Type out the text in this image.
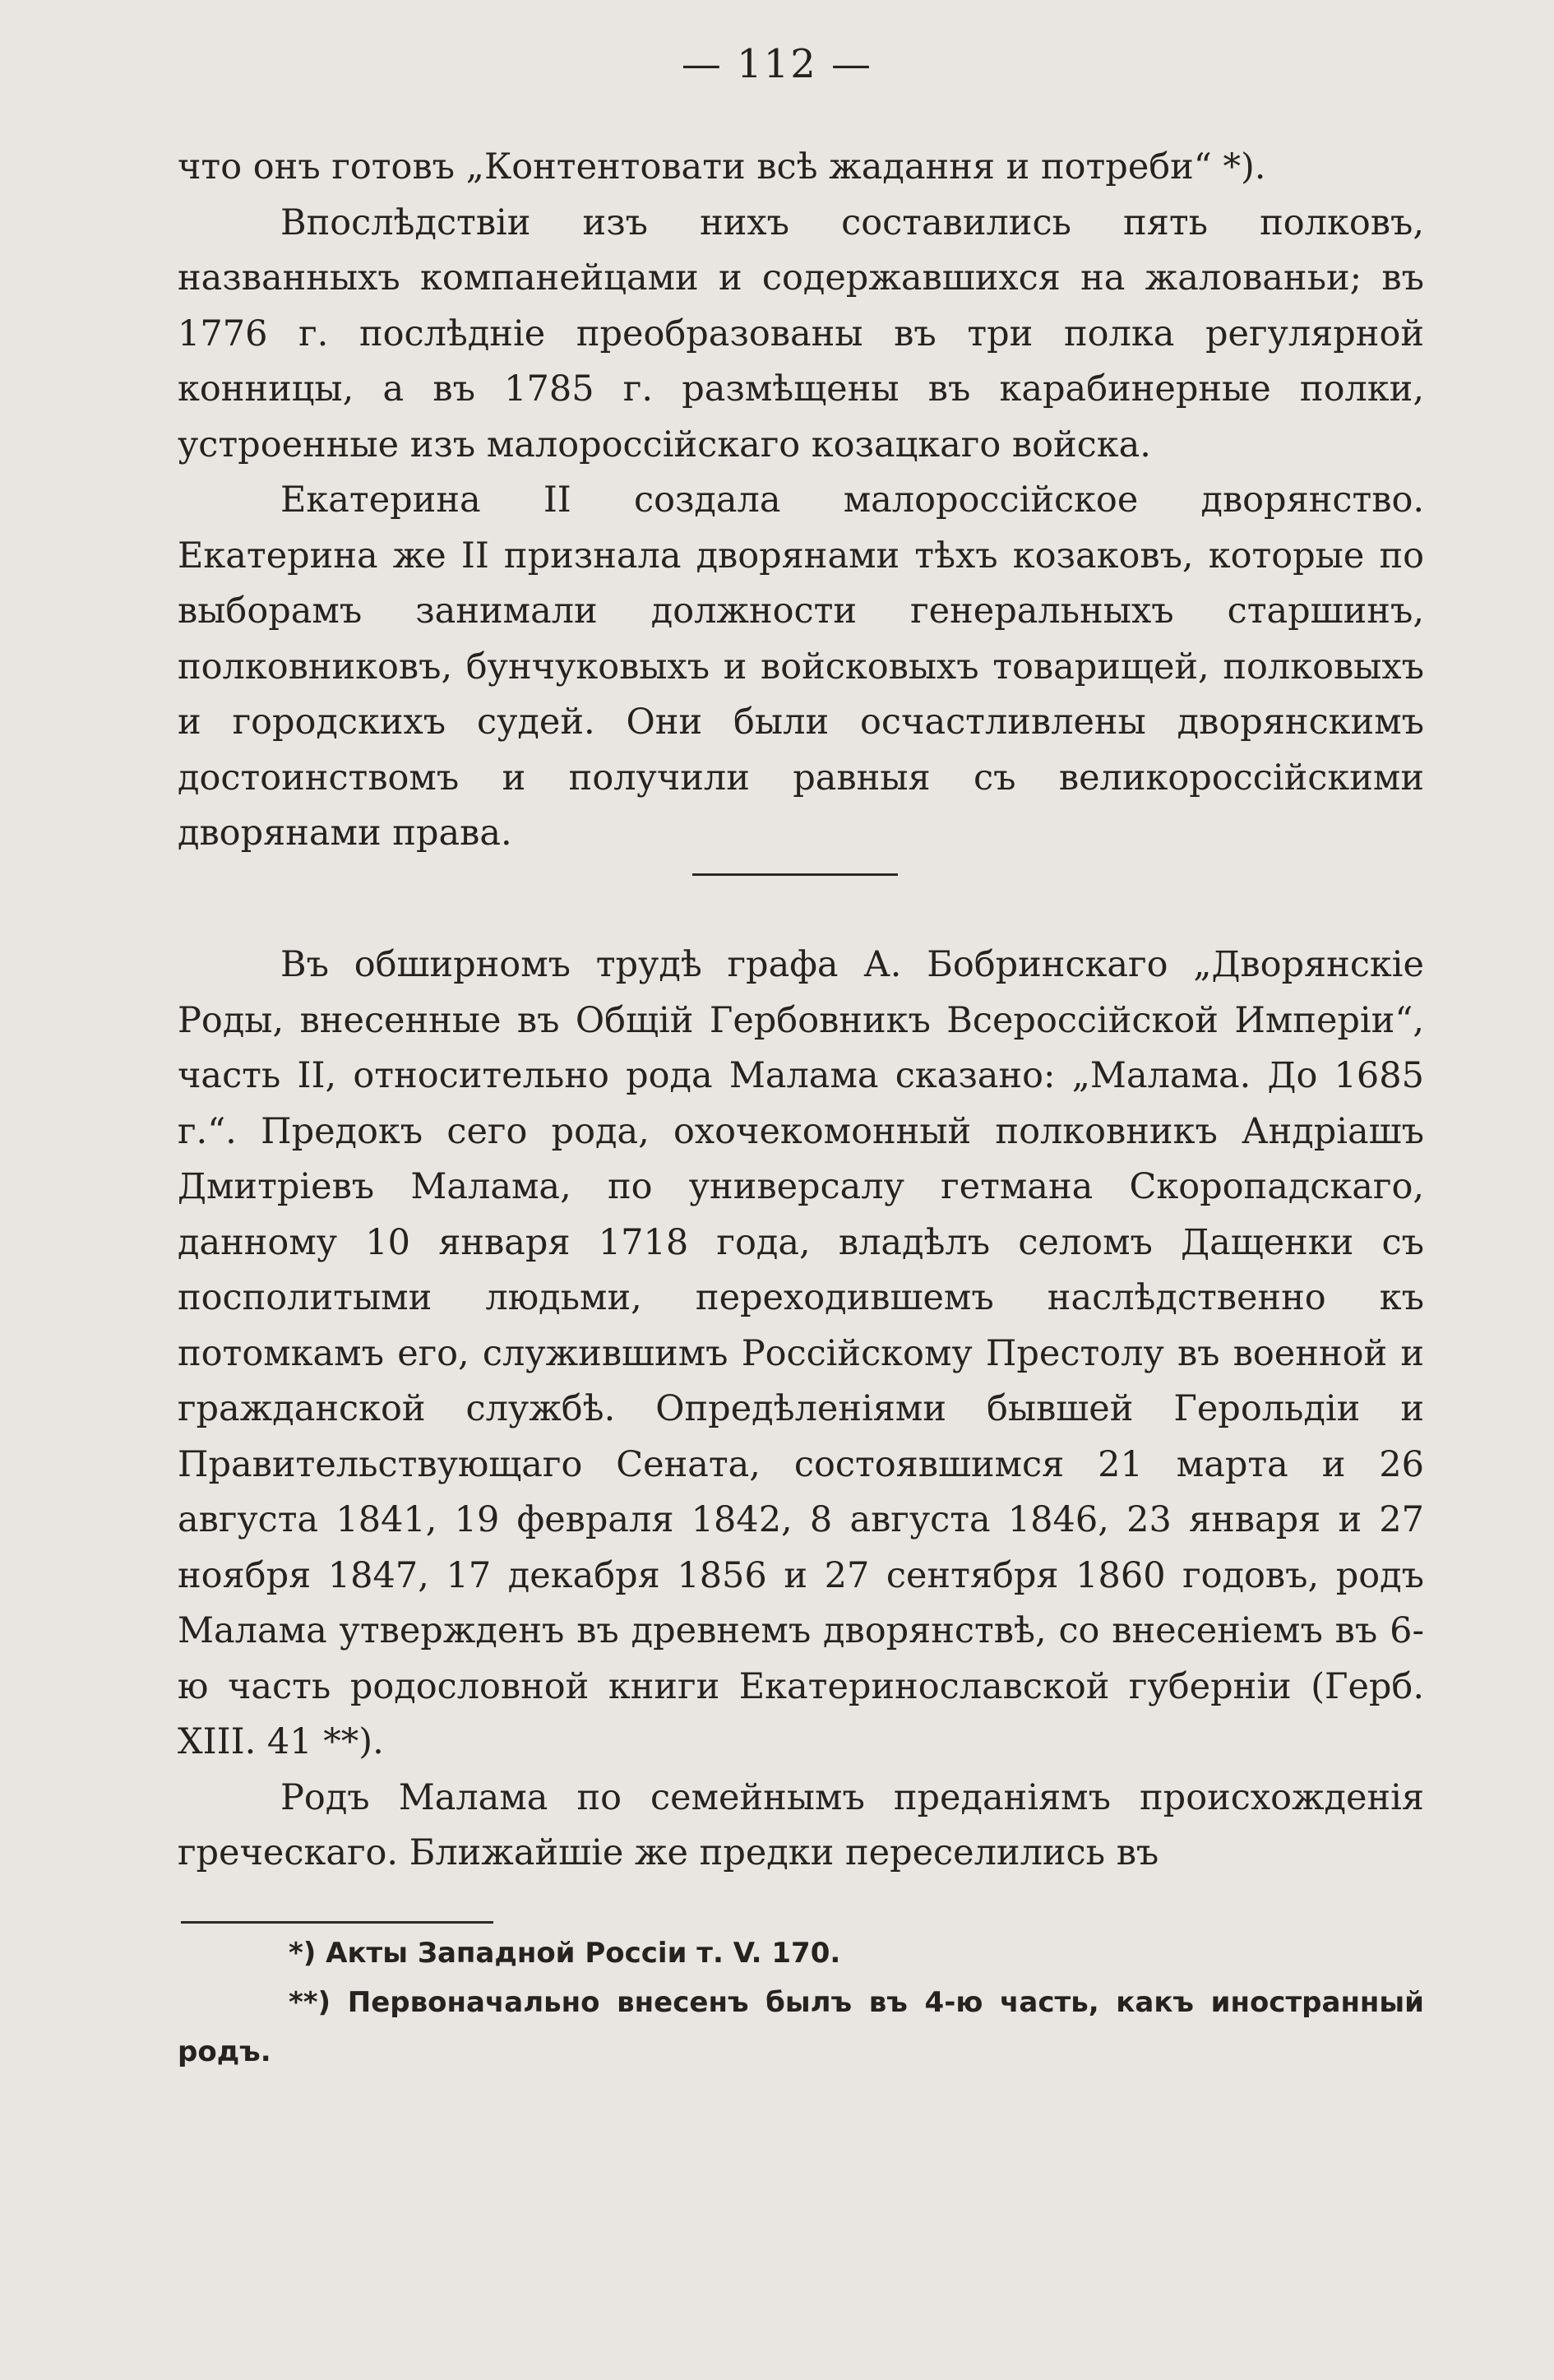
— 112 —

что онъ готовъ „Контентовати всѣ жадання и потреби“ *).

Впослѣдствіи изъ нихъ составились пять полковъ, названныхъ компанейцами и содержавшихся на жалованьи; въ 1776 г. послѣдніе преобразованы въ три полка регулярной конницы, а въ 1785 г. размѣщены въ карабинерные полки, устроенные изъ малороссійскаго козацкаго войска.

Екатерина II создала малороссійское дворянство. Екатерина же II признала дворянами тѣхъ козаковъ, которые по выборамъ занимали должности генеральныхъ старшинъ, полковниковъ, бунчуковыхъ и войсковыхъ товарищей, полковыхъ и городскихъ судей. Они были осчастливлены дворянскимъ достоинствомъ и получили равныя съ великороссійскими дворянами права.

Въ обширномъ трудѣ графа А. Бобринскаго „Дворянскіе Роды, внесенные въ Общій Гербовникъ Всероссійской Имперіи“, часть II, относительно рода Малама сказано: „Малама. До 1685 г.“. Предокъ сего рода, охочекомонный полковникъ Андріашъ Дмитріевъ Малама, по универсалу гетмана Скоропадскаго, данному 10 января 1718 года, владѣлъ селомъ Дащенки съ посполитыми людьми, переходившемъ наслѣдственно къ потомкамъ его, служившимъ Россійскому Престолу въ военной и гражданской службѣ. Опредѣленіями бывшей Герольдіи и Правительствующаго Сената, состоявшимся 21 марта и 26 августа 1841, 19 февраля 1842, 8 августа 1846, 23 января и 27 ноября 1847, 17 декабря 1856 и 27 сентября 1860 годовъ, родъ Малама утвержденъ въ древнемъ дворянствѣ, со внесеніемъ въ 6-ю часть родословной книги Екатеринославской губерніи (Герб. XIII. 41 **).

Родъ Малама по семейнымъ преданіямъ происхожденія греческаго. Ближайшіе же предки переселились въ

*) Акты Западной Россіи т. V. 170.

**) Первоначально внесенъ былъ въ 4-ю часть, какъ иностранный родъ.
